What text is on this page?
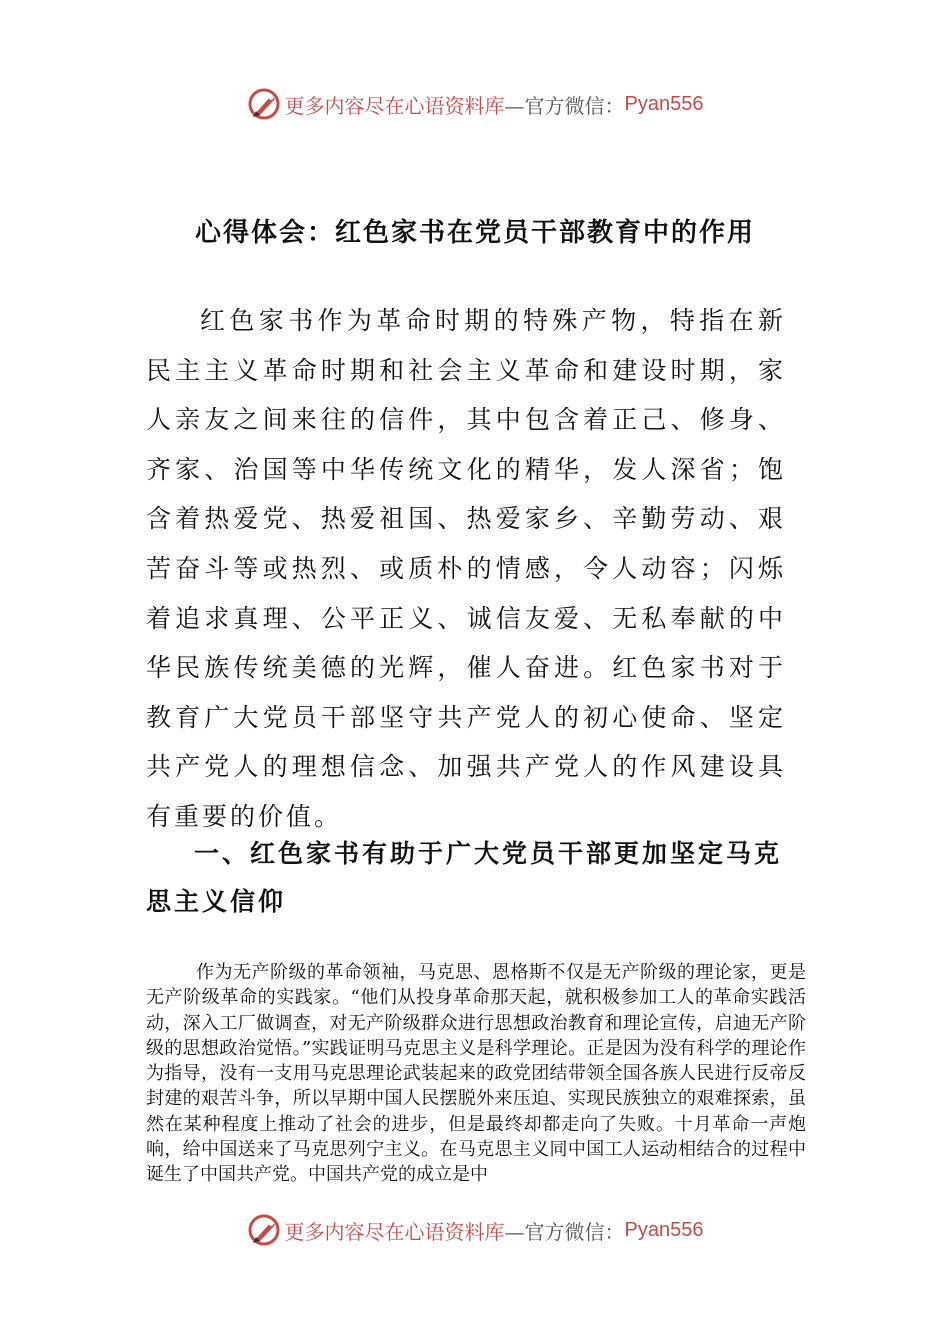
更多内容尽在心语资料库 —官方微信： Pyan556
心得体会：红色家书在党员干部教育中的作用

红色家书作为革命时期的特殊产物，特指在新民主主义革命时期和社会主义革命和建设时期，家人亲友之间来往的信件，其中包含着正己、修身、齐家、治国等中华传统文化的精华，发人深省；饱含着热爱党、热爱祖国、热爱家乡、辛勤劳动、艰苦奋斗等或热烈、或质朴的情感，令人动容；闪烁着追求真理、公平正义、诚信友爱、无私奉献的中华民族传统美德的光辉，催人奋进。红色家书对于教育广大党员干部坚守共产党人的初心使命、坚定共产党人的理想信念、加强共产党人的作风建设具有重要的价值。

一、红色家书有助于广大党员干部更加坚定马克思主义信仰

作为无产阶级的革命领袖，马克思、恩格斯不仅是无产阶级的理论家，更是无产阶级革命的实践家。“他们从投身革命那天起，就积极参加工人的革命实践活动，深入工厂做调查，对无产阶级群众进行思想政治教育和理论宣传，启迪无产阶级的思想政治觉悟。”实践证明马克思主义是科学理论。正是因为没有科学的理论作为指导，没有一支用马克思理论武装起来的政党团结带领全国各族人民进行反帝反封建的艰苦斗争，所以早期中国人民摆脱外来压迫、实现民族独立的艰难探索，虽然在某种程度上推动了社会的进步，但是最终却都走向了失败。十月革命一声炮响，给中国送来了马克思列宁主义。在马克思主义同中国工人运动相结合的过程中诞生了中国共产党。中国共产党的成立是中

更多内容尽在心语资料库 —官方微信： Pyan556
